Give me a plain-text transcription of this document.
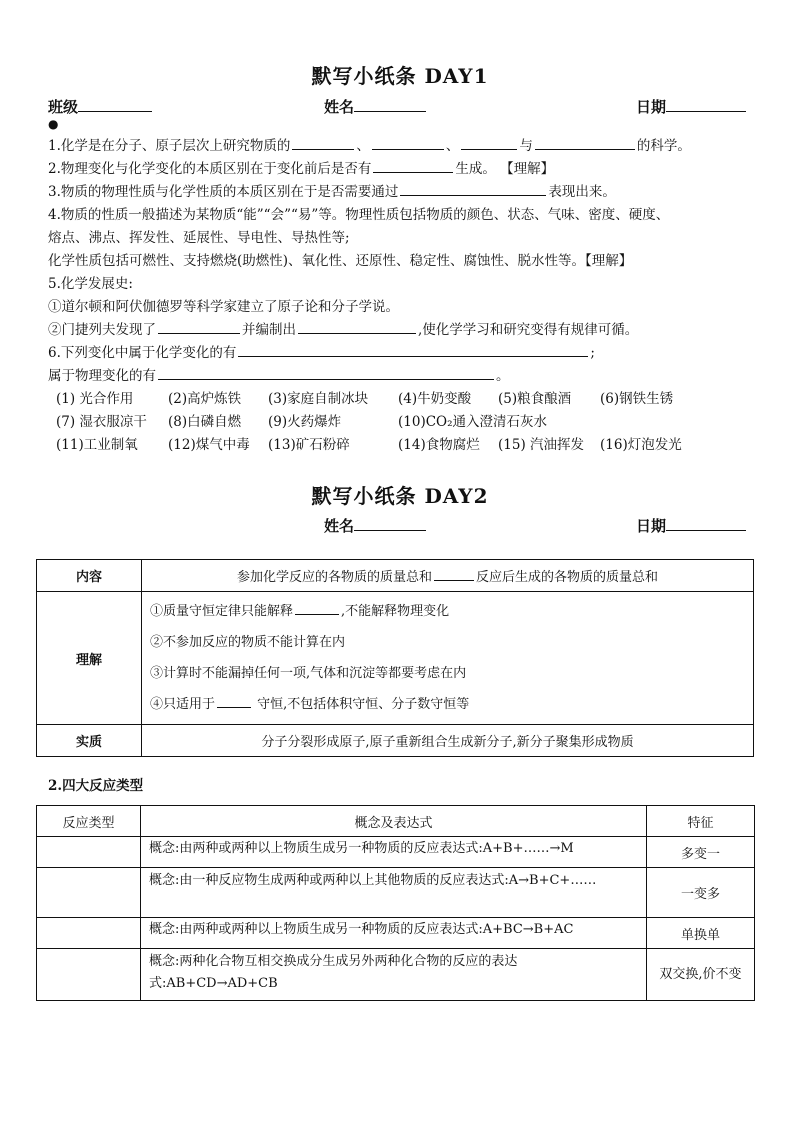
默写小纸条 DAY1
班级	姓名	日期
●
1.化学是在分子、原子层次上研究物质的	、	、	与	的科学。
2.物理变化与化学变化的本质区别在于变化前后是否有	生成。 【理解】
3.物质的物理性质与化学性质的本质区别在于是否需要通过	表现出来。
4.物质的性质一般描述为某物质“能”“会”“易”等。物理性质包括物质的颜色、状态、气味、密度、硬度、
熔点、沸点、挥发性、延展性、导电性、导热性等;
化学性质包括可燃性、支持燃烧(助燃性)、氧化性、还原性、稳定性、腐蚀性、脱水性等。【理解】
5.化学发展史:
①道尔顿和阿伏伽德罗等科学家建立了原子论和分子学说。
②门捷列夫发现了	并编制出	,使化学学习和研究变得有规律可循。
6.下列变化中属于化学变化的有	;
属于物理变化的有	。
(1) 光合作用	(2)高炉炼铁 (3)家庭自制冰块 (4)牛奶变酸 (5)粮食酿酒 (6)钢铁生锈
(7) 湿衣服凉干 (8)白磷自燃 (9)火药爆炸	(10)CO₂通入澄清石灰水
(11)工业制氧 (12)煤气中毒 (13)矿石粉碎	(14)食物腐烂 (15) 汽油挥发 (16)灯泡发光
默写小纸条 DAY2
姓名	日期
内容	参加化学反应的各物质的质量总和 反应后生成的各物质的质量总和
理解	①质量守恒定律只能解释 ,不能解释物理变化
②不参加反应的物质不能计算在内
③计算时不能漏掉任何一项,气体和沉淀等都要考虑在内
④只适用于 守恒,不包括体积守恒、分子数守恒等

实质	分子分裂形成原子,原子重新组合生成新分子,新分子聚集形成物质
2.四大反应类型
反应类型	概念及表达式	特征
	概念:由两种或两种以上物质生成另一种物质的反应表达式:A+B+……→M	多变一
	概念:由一种反应物生成两种或两种以上其他物质的反应表达式:A→B+C+……	一变多
	概念:由两种或两种以上物质生成另一种物质的反应表达式:A+BC→B+AC	单换单
	概念:两种化合物互相交换成分生成另外两种化合物的反应的表达式:AB+CD→AD+CB	双交换,价不变
